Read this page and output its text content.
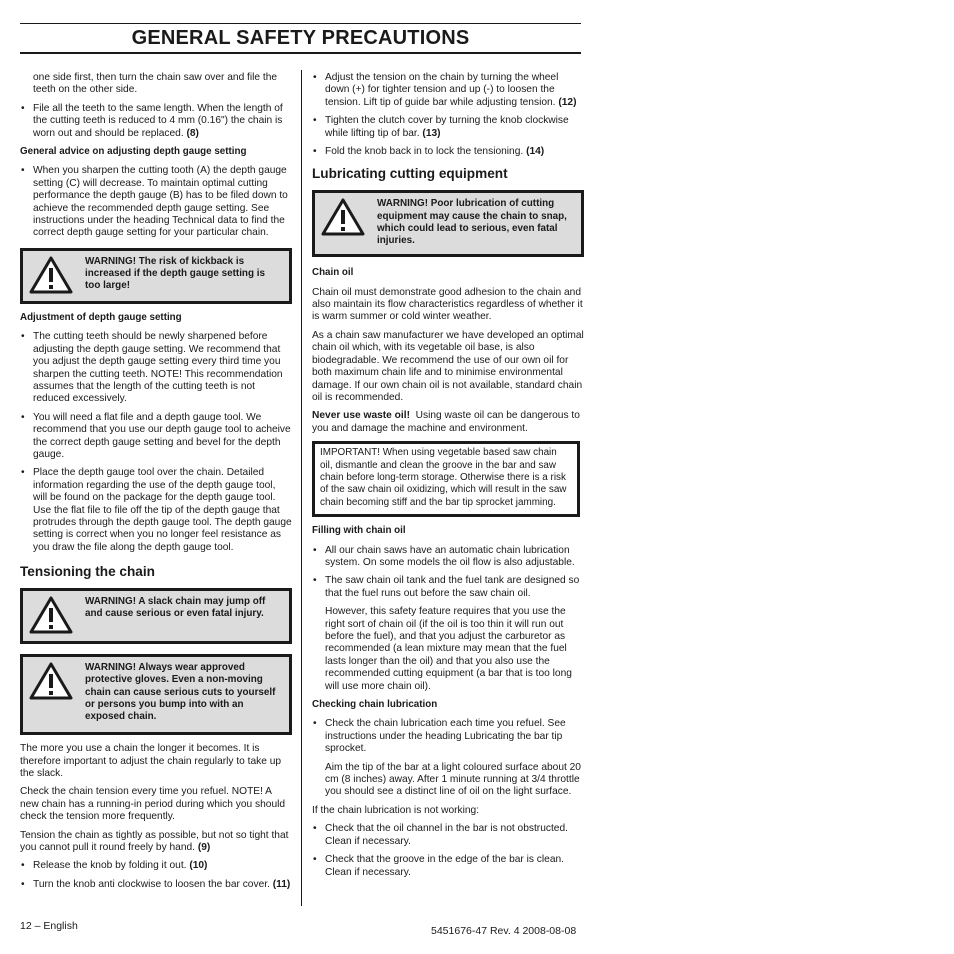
GENERAL SAFETY PRECAUTIONS

one side first, then turn the chain saw over and file the teeth on the other side.

• File all the teeth to the same length. When the length of the cutting teeth is reduced to 4 mm (0.16") the chain is worn out and should be replaced. (8)
General advice on adjusting depth gauge setting
• When you sharpen the cutting tooth (A) the depth gauge setting (C) will decrease. To maintain optimal cutting performance the depth gauge (B) has to be filed down to achieve the recommended depth gauge setting. See instructions under the heading Technical data to find the correct depth gauge setting for your particular chain.
WARNING! The risk of kickback is increased if the depth gauge setting is too large!
Adjustment of depth gauge setting
• The cutting teeth should be newly sharpened before adjusting the depth gauge setting. We recommend that you adjust the depth gauge setting every third time you sharpen the cutting teeth. NOTE! This recommendation assumes that the length of the cutting teeth is not reduced excessively.
• You will need a flat file and a depth gauge tool. We recommend that you use our depth gauge tool to acheive the correct depth gauge setting and bevel for the depth gauge.
• Place the depth gauge tool over the chain. Detailed information regarding the use of the depth gauge tool, will be found on the package for the depth gauge tool. Use the flat file to file off the tip of the depth gauge that protrudes through the depth gauge tool. The depth gauge setting is correct when you no longer feel resistance as you draw the file along the depth gauge tool.
Tensioning the chain
WARNING! A slack chain may jump off and cause serious or even fatal injury.
WARNING! Always wear approved protective gloves. Even a non-moving chain can cause serious cuts to yourself or persons you bump into with an exposed chain.

The more you use a chain the longer it becomes. It is therefore important to adjust the chain regularly to take up the slack.

Check the chain tension every time you refuel. NOTE! A new chain has a running-in period during which you should check the tension more frequently.

Tension the chain as tightly as possible, but not so tight that you cannot pull it round freely by hand. (9)

• Release the knob by folding it out. (10)
• Turn the knob anti clockwise to loosen the bar cover. (11)
• Adjust the tension on the chain by turning the wheel down (+) for tighter tension and up (-) to loosen the tension. Lift tip of guide bar while adjusting tension. (12)
• Tighten the clutch cover by turning the knob clockwise while lifting tip of bar. (13)
• Fold the knob back in to lock the tensioning. (14)
Lubricating cutting equipment
WARNING! Poor lubrication of cutting equipment may cause the chain to snap, which could lead to serious, even fatal injuries.
Chain oil

Chain oil must demonstrate good adhesion to the chain and also maintain its flow characteristics regardless of whether it is warm summer or cold winter weather.

As a chain saw manufacturer we have developed an optimal chain oil which, with its vegetable oil base, is also biodegradable. We recommend the use of our own oil for both maximum chain life and to minimise environmental damage. If our own chain oil is not available, standard chain oil is recommended.

Never use waste oil! Using waste oil can be dangerous to you and damage the machine and environment.

IMPORTANT! When using vegetable based saw chain oil, dismantle and clean the groove in the bar and saw chain before long-term storage. Otherwise there is a risk of the saw chain oil oxidizing, which will result in the saw chain becoming stiff and the bar tip sprocket jamming.
Filling with chain oil
• All our chain saws have an automatic chain lubrication system. On some models the oil flow is also adjustable.
• The saw chain oil tank and the fuel tank are designed so that the fuel runs out before the saw chain oil.
However, this safety feature requires that you use the right sort of chain oil (if the oil is too thin it will run out before the fuel), and that you adjust the carburetor as recommended (a lean mixture may mean that the fuel lasts longer than the oil) and that you also use the recommended cutting equipment (a bar that is too long will use more chain oil).
Checking chain lubrication
• Check the chain lubrication each time you refuel. See instructions under the heading Lubricating the bar tip sprocket.
Aim the tip of the bar at a light coloured surface about 20 cm (8 inches) away. After 1 minute running at 3/4 throttle you should see a distinct line of oil on the light surface.

If the chain lubrication is not working:

• Check that the oil channel in the bar is not obstructed. Clean if necessary.
• Check that the groove in the edge of the bar is clean. Clean if necessary.
12 – English	5451676-47 Rev. 4 2008-08-08
